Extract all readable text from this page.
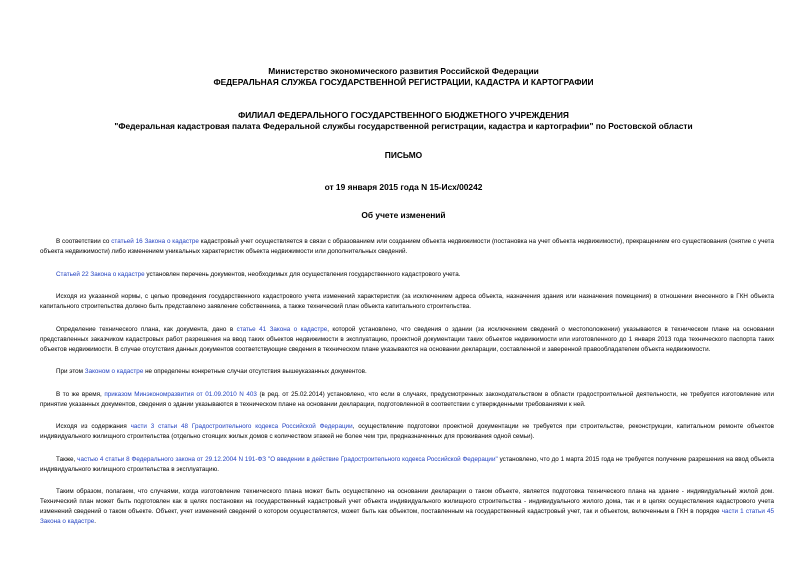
Министерство экономического развития Российской Федерации
ФЕДЕРАЛЬНАЯ СЛУЖБА ГОСУДАРСТВЕННОЙ РЕГИСТРАЦИИ, КАДАСТРА И КАРТОГРАФИИ
ФИЛИАЛ ФЕДЕРАЛЬНОГО ГОСУДАРСТВЕННОГО БЮДЖЕТНОГО УЧРЕЖДЕНИЯ
"Федеральная кадастровая палата Федеральной службы государственной регистрации, кадастра и картографии" по Ростовской области
ПИСЬМО
от 19 января 2015 года N 15-Исх/00242
Об учете изменений

В соответствии со статьей 16 Закона о кадастре кадастровый учет осуществляется в связи с образованием или созданием объекта недвижимости (постановка на учет объекта недвижимости), прекращением его существования (снятие с учета объекта недвижимости) либо изменением уникальных характеристик объекта недвижимости или дополнительных сведений.

Статьей 22 Закона о кадастре установлен перечень документов, необходимых для осуществления государственного кадастрового учета.

Исходя из указанной нормы, с целью проведения государственного кадастрового учета изменений характеристик (за исключением адреса объекта, назначения здания или назначения помещения) в отношении внесенного в ГКН объекта капитального строительства должно быть представлено заявление собственника, а также технический план объекта капитального строительства.

Определение технического плана, как документа, дано в статье 41 Закона о кадастре, которой установлено, что сведения о здании (за исключением сведений о местоположении) указываются в техническом плане на основании представленных заказчиком кадастровых работ разрешения на ввод таких объектов недвижимости в эксплуатацию, проектной документации таких объектов недвижимости или изготовленного до 1 января 2013 года технического паспорта таких объектов недвижимости. В случае отсутствия данных документов соответствующие сведения в техническом плане указываются на основании декларации, составленной и заверенной правообладателем объекта недвижимости.

При этом Законом о кадастре не определены конкретные случаи отсутствия вышеуказанных документов.

В то же время, приказом Минэкономразвития от 01.09.2010 N 403 (в ред. от 25.02.2014) установлено, что если в случаях, предусмотренных законодательством в области градостроительной деятельности, не требуется изготовление или принятие указанных документов, сведения о здании указываются в техническом плане на основании декларации, подготовленной в соответствии с утвержденными требованиями к ней.

Исходя из содержания части 3 статьи 48 Градостроительного кодекса Российской Федерации, осуществление подготовки проектной документации не требуется при строительстве, реконструкции, капитальном ремонте объектов индивидуального жилищного строительства (отдельно стоящих жилых домов с количеством этажей не более чем три, предназначенных для проживания одной семьи).

Также, частью 4 статьи 8 Федерального закона от 29.12.2004 N 191-ФЗ "О введении в действие Градостроительного кодекса Российской Федерации" установлено, что до 1 марта 2015 года не требуется получение разрешения на ввод объекта индивидуального жилищного строительства в эксплуатацию.

Таким образом, полагаем, что случаями, когда изготовление технического плана может быть осуществлено на основании декларации о таком объекте, является подготовка технического плана на здание - индивидуальный жилой дом. Технический план может быть подготовлен как в целях постановки на государственный кадастровый учет объекта индивидуального жилищного строительства - индивидуального жилого дома, так и в целях осуществления кадастрового учета изменений сведений о таком объекте. Объект, учет изменений сведений о котором осуществляется, может быть как объектом, поставленным на государственный кадастровый учет, так и объектом, включенным в ГКН в порядке части 1 статьи 45 Закона о кадастре.
